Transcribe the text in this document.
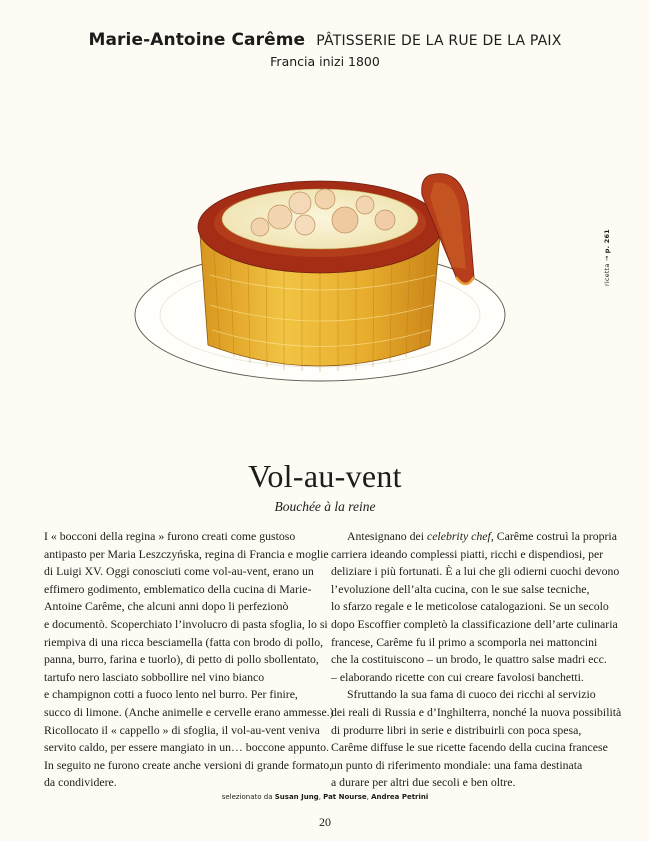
Marie-Antoine Carême PÂTISSERIE DE LA RUE DE LA PAIX
Francia inizi 1800
ricetta → p. 261
Vol-au-vent
Bouchée à la reine

I « bocconi della regina » furono creati come gustoso
antipasto per Maria Leszczyńska, regina di Francia e moglie
di Luigi XV. Oggi conosciuti come vol-au-vent, erano un
effimero godimento, emblematico della cucina di Marie-
Antoine Carême, che alcuni anni dopo li perfezionò
e documentò. Scoperchiato l’involucro di pasta sfoglia, lo si
riempiva di una ricca besciamella (fatta con brodo di pollo,
panna, burro, farina e tuorlo), di petto di pollo sbollentato,
tartufo nero lasciato sobbollire nel vino bianco
e champignon cotti a fuoco lento nel burro. Per finire,
succo di limone. (Anche animelle e cervelle erano ammesse.)
Ricollocato il « cappello » di sfoglia, il vol-au-vent veniva
servito caldo, per essere mangiato in un… boccone appunto.
In seguito ne furono create anche versioni di grande formato,
da condividere.

Antesignano dei celebrity chef, Carême costruì la propria
carriera ideando complessi piatti, ricchi e dispendiosi, per
deliziare i più fortunati. È a lui che gli odierni cuochi devono
l’evoluzione dell’alta cucina, con le sue salse tecniche,
lo sfarzo regale e le meticolose catalogazioni. Se un secolo
dopo Escoffier completò la classificazione dell’arte culinaria
francese, Carême fu il primo a scomporla nei mattoncini
che la costituiscono – un brodo, le quattro salse madri ecc.
– elaborando ricette con cui creare favolosi banchetti.

Sfruttando la sua fama di cuoco dei ricchi al servizio
dei reali di Russia e d’Inghilterra, nonché la nuova possibilità
di produrre libri in serie e distribuirli con poca spesa,
Carême diffuse le sue ricette facendo della cucina francese
un punto di riferimento mondiale: una fama destinata
a durare per altri due secoli e ben oltre.

selezionato da Susan Jung, Pat Nourse, Andrea Petrini
20
